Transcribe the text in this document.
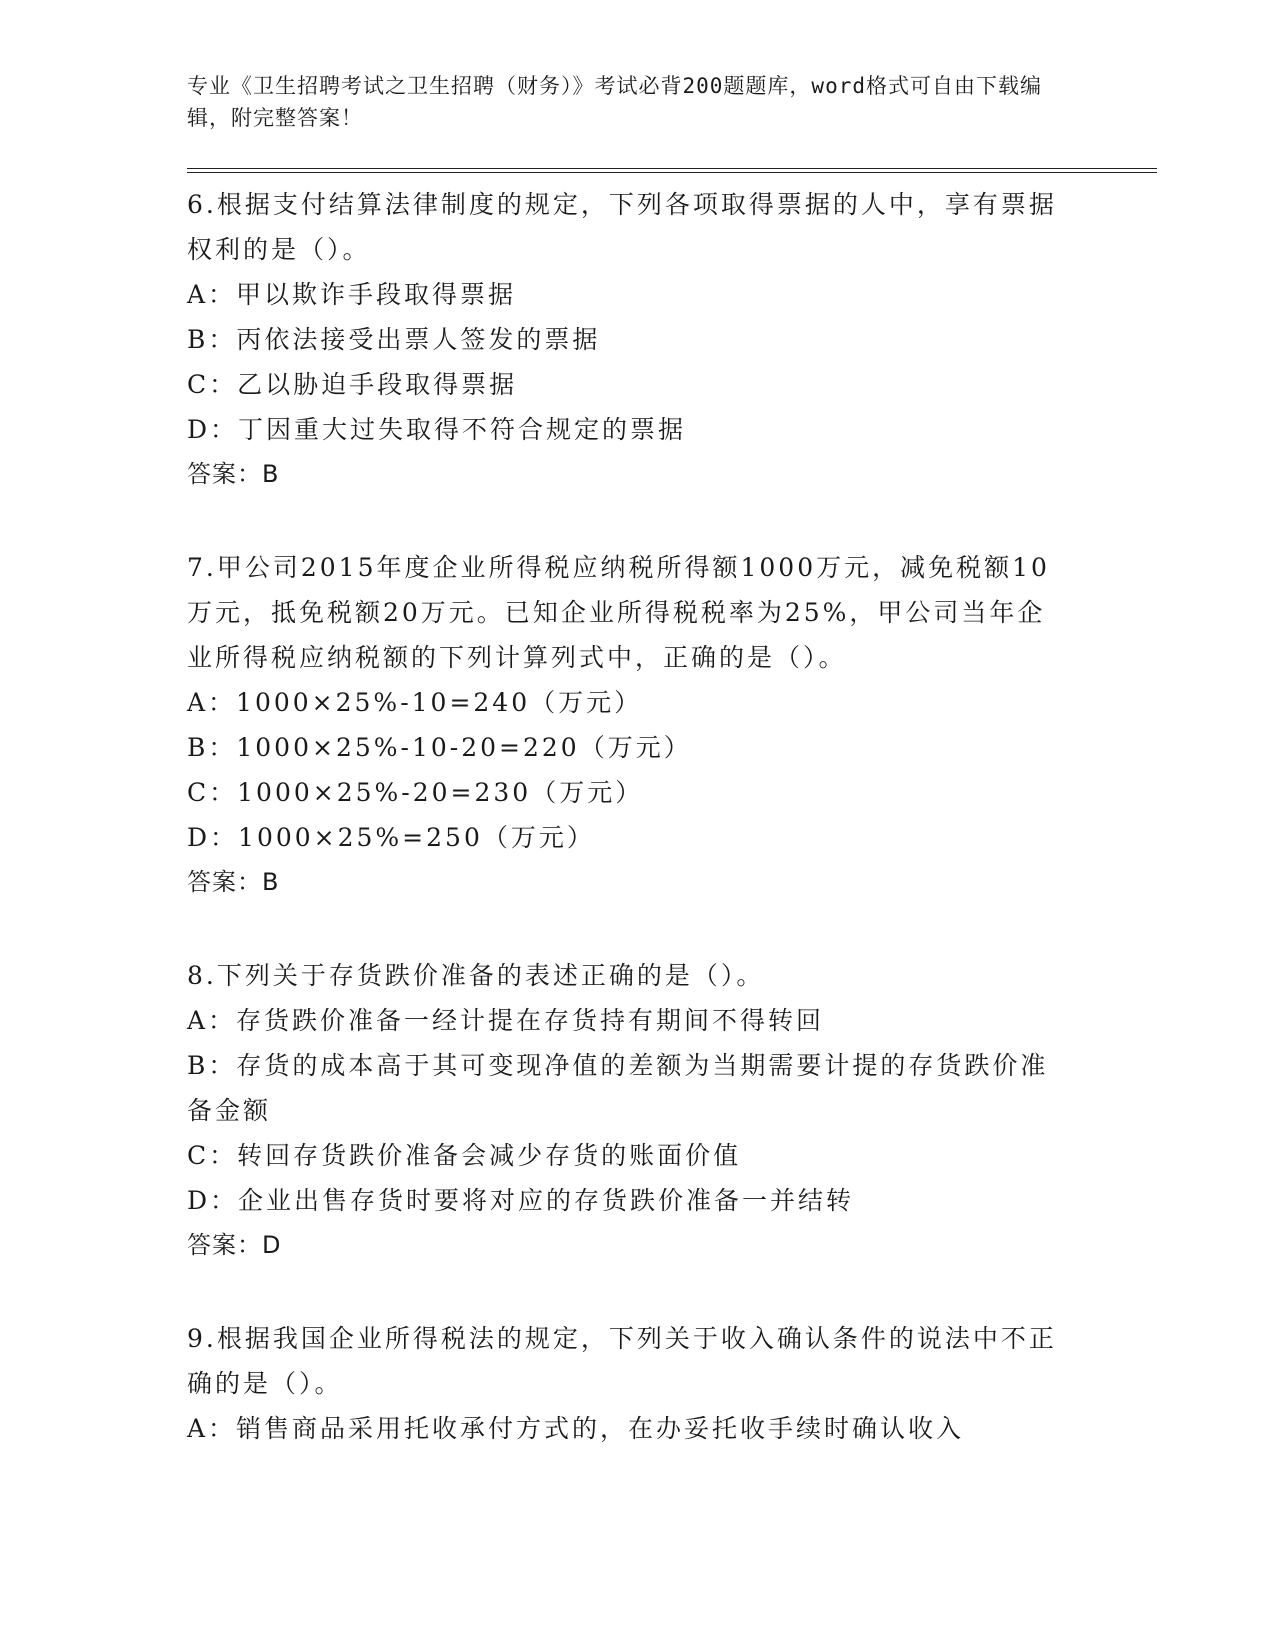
专业《卫生招聘考试之卫生招聘（财务）》考试必背200题题库，word格式可自由下载编辑，附完整答案！
6.根据支付结算法律制度的规定，下列各项取得票据的人中，享有票据权利的是（）。
A：甲以欺诈手段取得票据
B：丙依法接受出票人签发的票据
C：乙以胁迫手段取得票据
D：丁因重大过失取得不符合规定的票据
答案：B
7.甲公司2015年度企业所得税应纳税所得额1000万元，减免税额10万元，抵免税额20万元。已知企业所得税税率为25%，甲公司当年企业所得税应纳税额的下列计算列式中，正确的是（）。
A：1000×25%-10=240（万元）
B：1000×25%-10-20=220（万元）
C：1000×25%-20=230（万元）
D：1000×25%=250（万元）
答案：B
8.下列关于存货跌价准备的表述正确的是（）。
A：存货跌价准备一经计提在存货持有期间不得转回
B：存货的成本高于其可变现净值的差额为当期需要计提的存货跌价准备金额
C：转回存货跌价准备会减少存货的账面价值
D：企业出售存货时要将对应的存货跌价准备一并结转
答案：D
9.根据我国企业所得税法的规定，下列关于收入确认条件的说法中不正确的是（）。
A：销售商品采用托收承付方式的，在办妥托收手续时确认收入
